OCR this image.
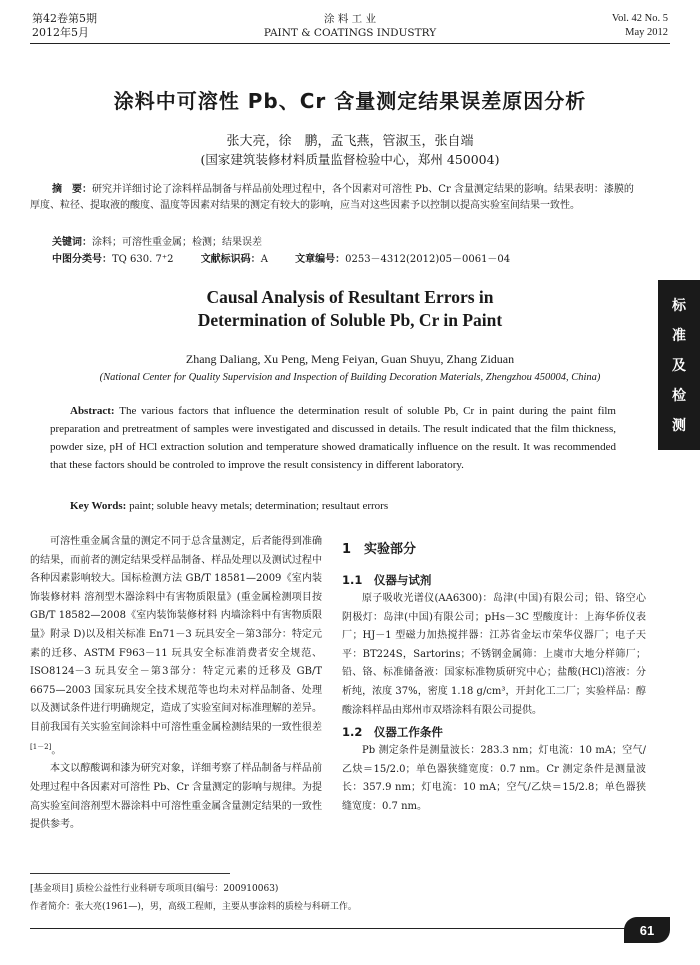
第42卷第5期
2012年5月
涂 料 工 业
PAINT & COATINGS INDUSTRY
Vol. 42 No. 5
May 2012
涂料中可溶性 Pb、Cr 含量测定结果误差原因分析
张大亮，徐　鹏，孟飞燕，管淑玉，张自端
(国家建筑装修材料质量监督检验中心，郑州 450004)

摘　要：研究并详细讨论了涂料样品制备与样品前处理过程中，各个因素对可溶性 Pb、Cr 含量测定结果的影响。结果表明：漆膜的厚度、粒径、提取液的酸度、温度等因素对结果的测定有较大的影响，应当对这些因素予以控制以提高实验室间结果一致性。

关键词：涂料；可溶性重金属；检测；结果误差
中图分类号：TQ 630. 7⁺2	文献标识码：A	文章编号：0253－4312(2012)05－0061－04
Causal Analysis of Resultant Errors in
Determination of Soluble Pb, Cr in Paint
Zhang Daliang, Xu Peng, Meng Feiyan, Guan Shuyu, Zhang Ziduan
(National Center for Quality Supervision and Inspection of Building Decoration Materials, Zhengzhou 450004, China)

Abstract: The various factors that influence the determination result of soluble Pb, Cr in paint during the paint film preparation and pretreatment of samples were investigated and discussed in details. The result indicated that the film thickness, powder size, pH of HCl extraction solution and temperature showed dramatically influence on the result. It was recommended that these factors should be controled to improve the result consistency in different laboratory.

Key Words: paint; soluble heavy metals; determination; resultaut errors
标
准
及
检
测

可溶性重金属含量的测定不同于总含量测定，后者能得到准确的结果，而前者的测定结果受样品制备、样品处理以及测试过程中各种因素影响较大。国标检测方法 GB/T 18581—2009《室内装饰装修材料 溶剂型木器涂料中有害物质限量》(重金属检测项目按 GB/T 18582—2008《室内装饰装修材料 内墙涂料中有害物质限量》附录 D)以及相关标准 En71－3 玩具安全－第3部分：特定元素的迁移、ASTM F963－11 玩具安全标准消费者安全规范、ISO8124－3 玩具安全－第3部分：特定元素的迁移及 GB/T 6675—2003 国家玩具安全技术规范等也均未对样品制备、处理以及测试条件进行明确规定，造成了实验室间对标准理解的差异。目前我国有关实验室间涂料中可溶性重金属检测结果的一致性很差[1－2]。

本文以醇酸调和漆为研究对象，详细考察了样品制备与样品前处理过程中各因素对可溶性 Pb、Cr 含量测定的影响与规律。为提高实验室间溶剂型木器涂料中可溶性重金属含量测定结果的一致性提供参考。

1　实验部分
1.1　仪器与试剂

原子吸收光谱仪(AA6300)：岛津(中国)有限公司；铅、铬空心阴极灯：岛津(中国)有限公司；pHs－3C 型酸度计：上海华侨仪表厂；HJ－1 型磁力加热搅拌器：江苏省金坛市荣华仪器厂；电子天平：BT224S，Sartorins；不锈钢金属筛：上虞市大地分样筛厂；铅、铬、标准储备液：国家标准物质研究中心；盐酸(HCl)溶液：分析纯，浓度 37%，密度 1.18 g/cm³，开封化工二厂；实验样品：醇酸涂料样品由郑州市双塔涂料有限公司提供。

1.2　仪器工作条件

Pb 测定条件是测量波长：283.3 nm；灯电流：10 mA；空气/乙炔＝15/2.0；单色器狭缝宽度：0.7 nm。Cr 测定条件是测量波长：357.9 nm；灯电流：10 mA；空气/乙炔＝15/2.8；单色器狭缝宽度：0.7 nm。

[基金项目] 质检公益性行业科研专项项目(编号：200910063)
作者简介：张大亮(1961—)，男，高级工程师，主要从事涂料的质检与科研工作。
61
